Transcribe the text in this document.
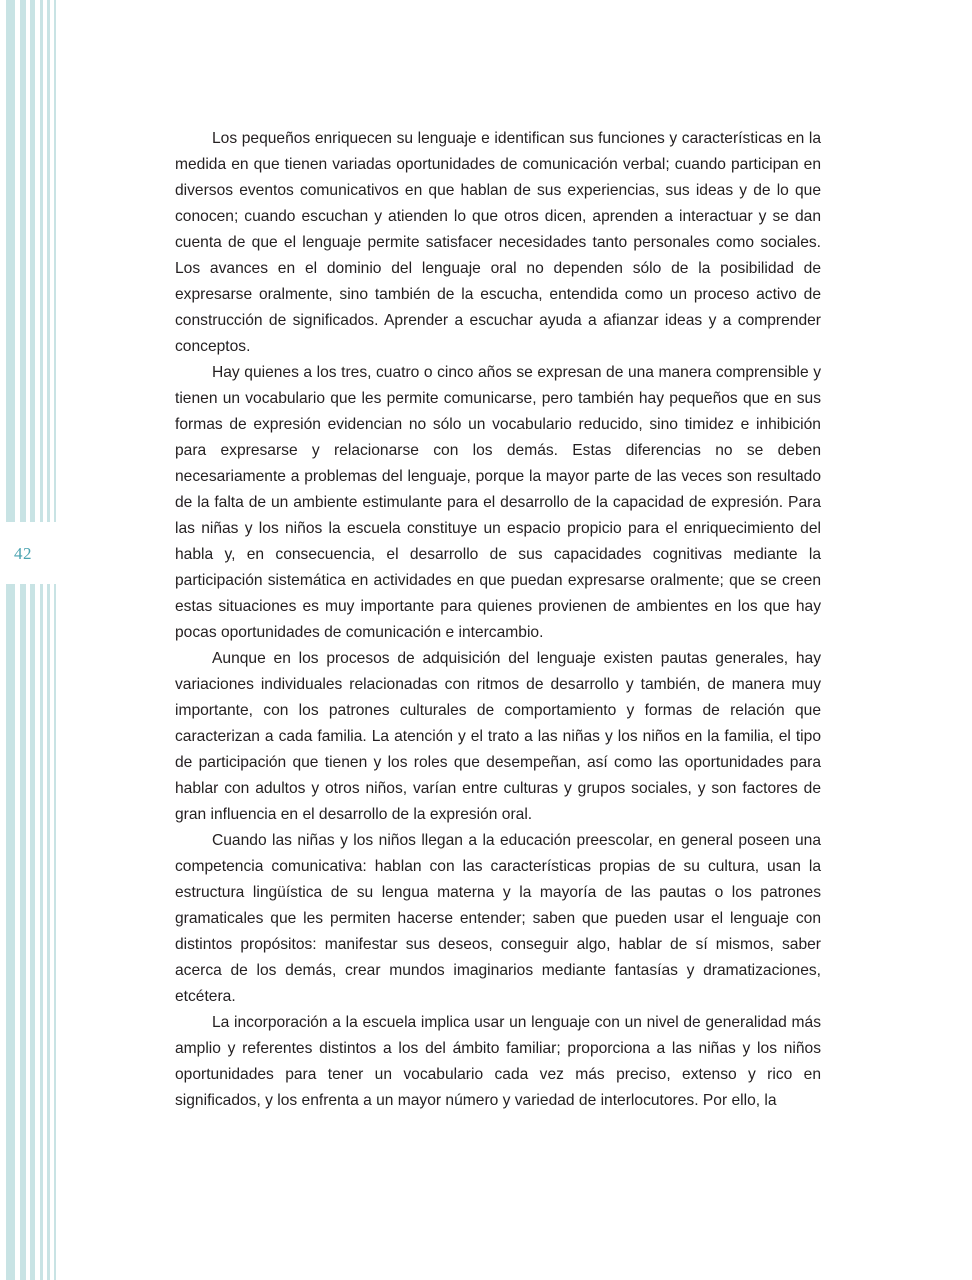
42

Los pequeños enriquecen su lenguaje e identifican sus funciones y características en la medida en que tienen variadas oportunidades de comunicación verbal; cuando participan en diversos eventos comunicativos en que hablan de sus experiencias, sus ideas y de lo que conocen; cuando escuchan y atienden lo que otros dicen, aprenden a interactuar y se dan cuenta de que el lenguaje permite satisfacer necesidades tanto personales como sociales. Los avances en el dominio del lenguaje oral no dependen sólo de la posibilidad de expresarse oralmente, sino también de la escucha, entendida como un proceso activo de construcción de significados. Aprender a escuchar ayuda a afianzar ideas y a comprender conceptos.

Hay quienes a los tres, cuatro o cinco años se expresan de una manera comprensible y tienen un vocabulario que les permite comunicarse, pero también hay pequeños que en sus formas de expresión evidencian no sólo un vocabulario reducido, sino timidez e inhibición para expresarse y relacionarse con los demás. Estas diferencias no se deben necesariamente a problemas del lenguaje, porque la mayor parte de las veces son resultado de la falta de un ambiente estimulante para el desarrollo de la capacidad de expresión. Para las niñas y los niños la escuela constituye un espacio propicio para el enriquecimiento del habla y, en consecuencia, el desarrollo de sus capacidades cognitivas mediante la participación sistemática en actividades en que puedan expresarse oralmente; que se creen estas situaciones es muy importante para quienes provienen de ambientes en los que hay pocas oportunidades de comunicación e intercambio.

Aunque en los procesos de adquisición del lenguaje existen pautas generales, hay variaciones individuales relacionadas con ritmos de desarrollo y también, de manera muy importante, con los patrones culturales de comportamiento y formas de relación que caracterizan a cada familia. La atención y el trato a las niñas y los niños en la familia, el tipo de participación que tienen y los roles que desempeñan, así como las oportunidades para hablar con adultos y otros niños, varían entre culturas y grupos sociales, y son factores de gran influencia en el desarrollo de la expresión oral.

Cuando las niñas y los niños llegan a la educación preescolar, en general poseen una competencia comunicativa: hablan con las características propias de su cultura, usan la estructura lingüística de su lengua materna y la mayoría de las pautas o los patrones gramaticales que les permiten hacerse entender; saben que pueden usar el lenguaje con distintos propósitos: manifestar sus deseos, conseguir algo, hablar de sí mismos, saber acerca de los demás, crear mundos imaginarios mediante fantasías y dramatizaciones, etcétera.

La incorporación a la escuela implica usar un lenguaje con un nivel de generalidad más amplio y referentes distintos a los del ámbito familiar; proporciona a las niñas y los niños oportunidades para tener un vocabulario cada vez más preciso, extenso y rico en significados, y los enfrenta a un mayor número y variedad de interlocutores. Por ello, la
